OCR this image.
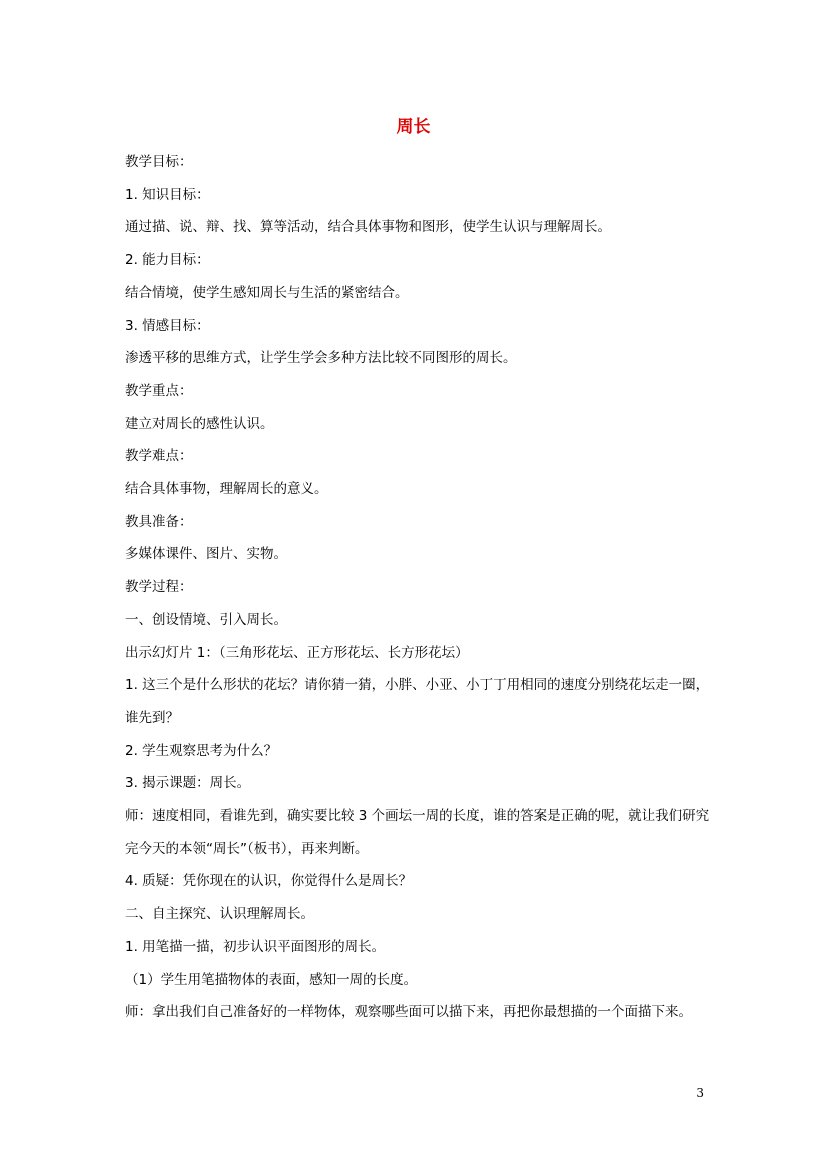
周长

教学目标：

1. 知识目标：

通过描、说、辩、找、算等活动，结合具体事物和图形，使学生认识与理解周长。

2. 能力目标：

结合情境，使学生感知周长与生活的紧密结合。

3. 情感目标：

渗透平移的思维方式，让学生学会多种方法比较不同图形的周长。

教学重点：

建立对周长的感性认识。

教学难点：

结合具体事物，理解周长的意义。

教具准备：

多媒体课件、图片、实物。

教学过程：

一、创设情境、引入周长。

出示幻灯片 1：（三角形花坛、正方形花坛、长方形花坛）

1. 这三个是什么形状的花坛？请你猜一猜，小胖、小亚、小丁丁用相同的速度分别绕花坛走一圈，谁先到？

2. 学生观察思考为什么？

3. 揭示课题：周长。

师：速度相同，看谁先到，确实要比较 3 个画坛一周的长度，谁的答案是正确的呢，就让我们研究完今天的本领“周长”（板书），再来判断。

4. 质疑：凭你现在的认识，你觉得什么是周长？

二、自主探究、认识理解周长。

1. 用笔描一描，初步认识平面图形的周长。

（1）学生用笔描物体的表面，感知一周的长度。

师：拿出我们自己准备好的一样物体，观察哪些面可以描下来，再把你最想描的一个面描下来。

3
